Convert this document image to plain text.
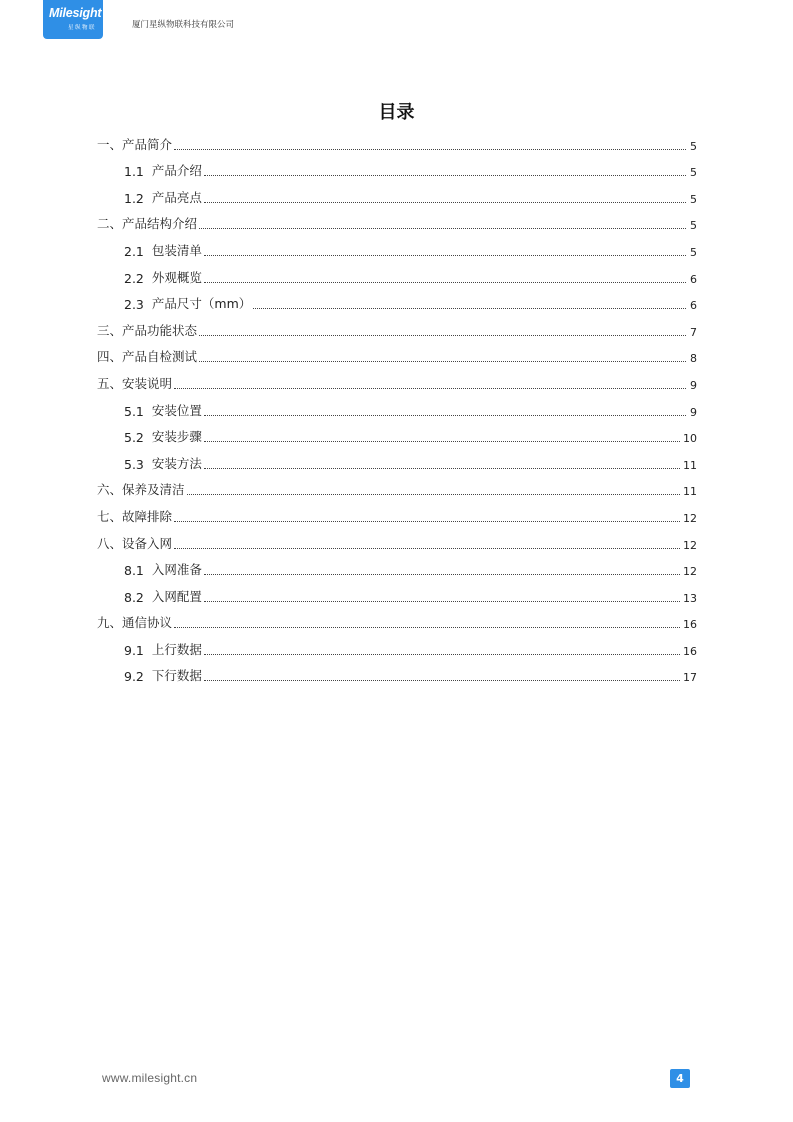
Milesight
星纵物联	厦门星纵物联科技有限公司
目录
一、 产品简介	5
1.1 产品介绍	5
1.2 产品亮点	5
二、 产品结构介绍	5
2.1 包装清单	5
2.2 外观概览	6
2.3 产品尺寸（mm）	6
三、 产品功能状态	7
四、 产品自检测试	8
五、 安装说明	9
5.1 安装位置	9
5.2 安装步骤	10
5.3 安装方法	11
六、 保养及清洁	11
七、 故障排除	12
八、 设备入网	12
8.1 入网准备	12
8.2 入网配置	13
九、 通信协议	16
9.1 上行数据	16
9.2 下行数据	17
www.milesight.cn	4
